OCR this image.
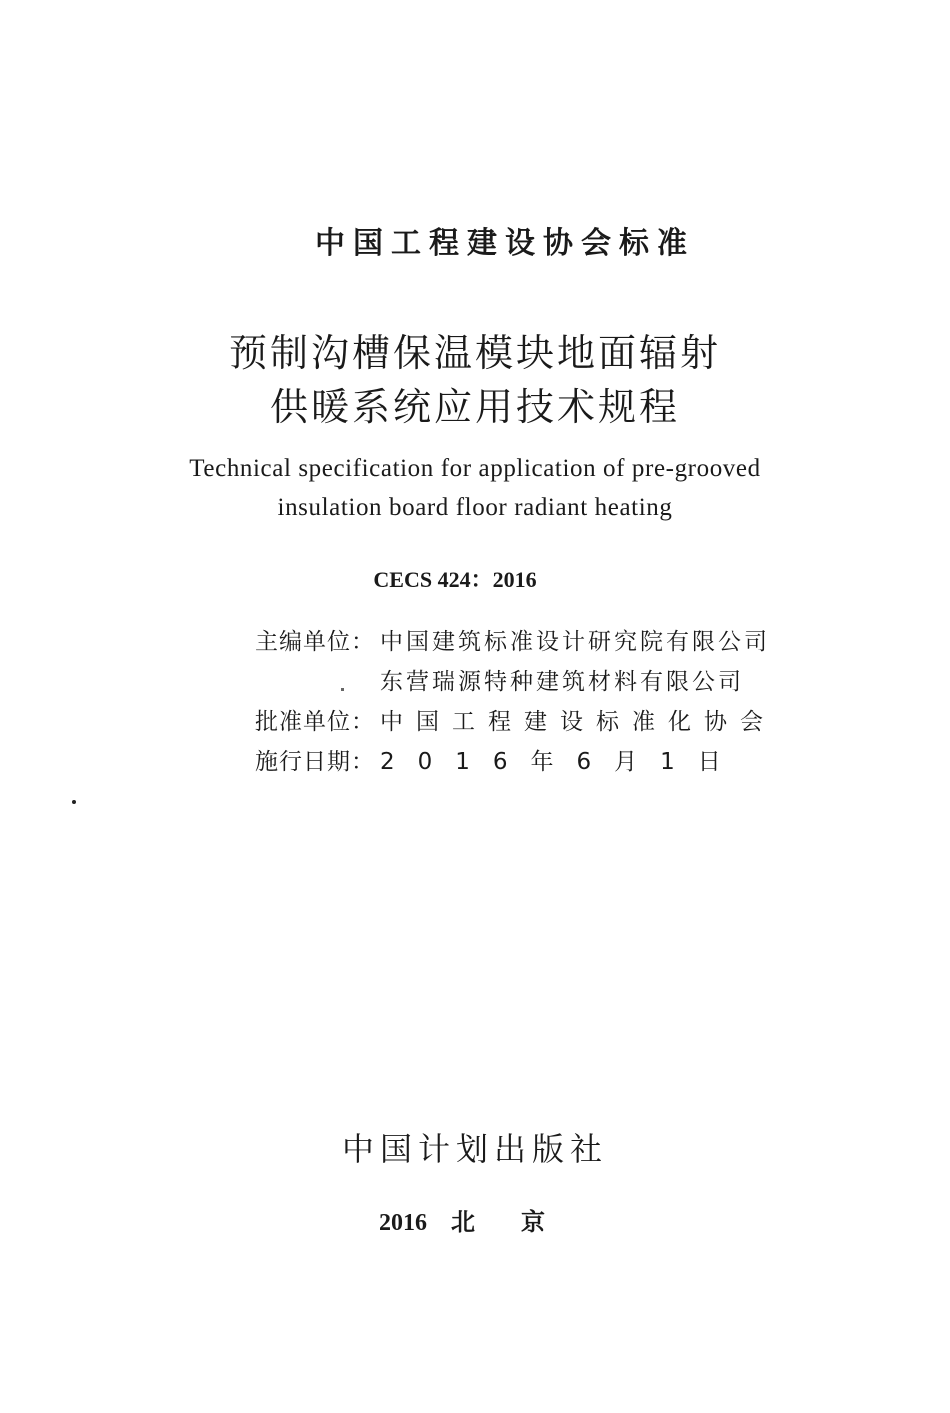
中国工程建设协会标准
预制沟槽保温模块地面辐射
供暖系统应用技术规程
Technical specification for application of pre-grooved
insulation board floor radiant heating
CECS 424：2016
主编单位： 中国建筑标准设计研究院有限公司
东营瑞源特种建筑材料有限公司
批准单位： 中国工程建设标准化协会
施行日期： 2016年6月1日
中国计划出版社
2016 北京
